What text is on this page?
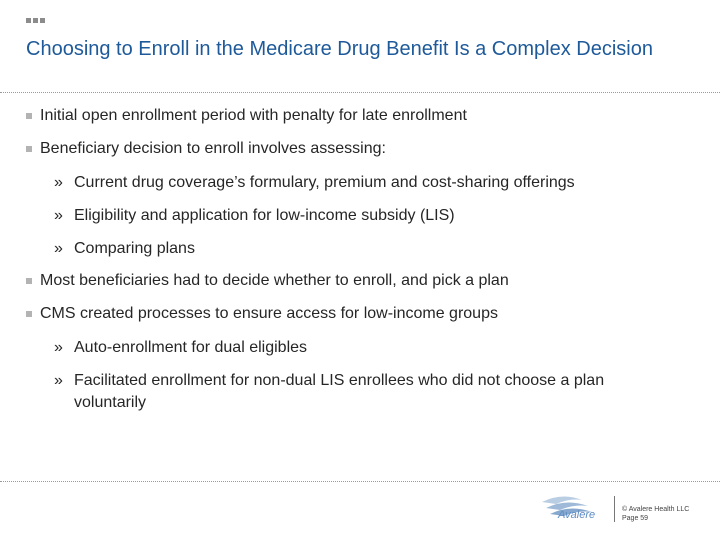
Choosing to Enroll in the Medicare Drug Benefit Is a Complex Decision
Initial open enrollment period with penalty for late enrollment
Beneficiary decision to enroll involves assessing:
» Current drug coverage’s formulary, premium and cost-sharing offerings
» Eligibility and application for low-income subsidy (LIS)
» Comparing plans
Most beneficiaries had to decide whether to enroll, and pick a plan
CMS created processes to ensure access for low-income groups
» Auto-enrollment for dual eligibles
» Facilitated enrollment for non-dual LIS enrollees who did not choose a plan voluntarily
Avalere	© Avalere Health LLC
Page 59
